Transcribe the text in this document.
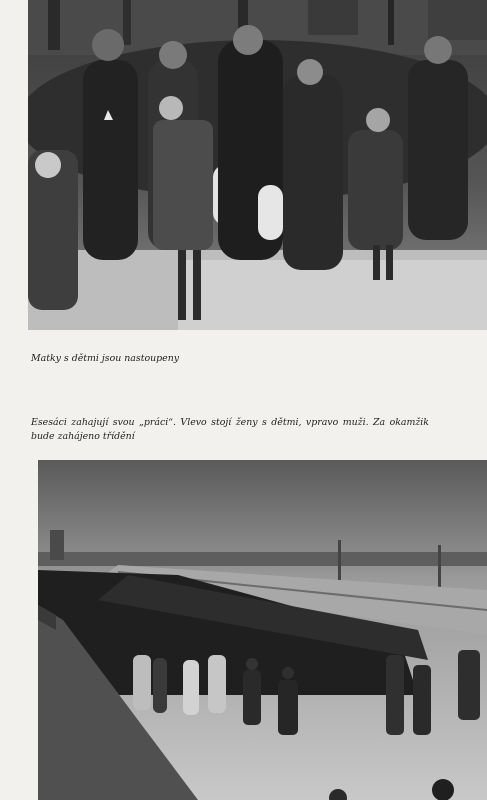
Matky s dětmi jsou nastoupeny

Esesáci zahajují svou „práci“. Vlevo stojí ženy s dětmi, vpravo muži. Za okamžik bude zahájeno třídění
